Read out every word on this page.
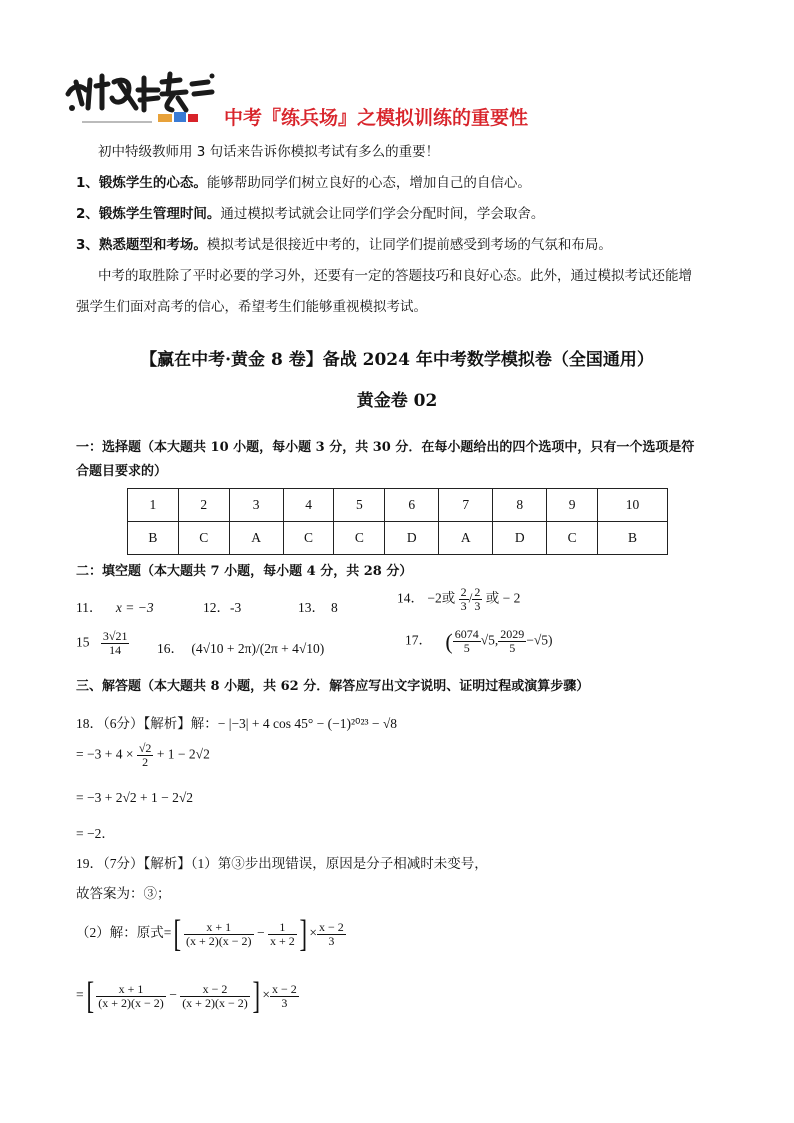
中考『练兵场』之模拟训练的重要性
初中特级教师用 3 句话来告诉你模拟考试有多么的重要！
1、锻炼学生的心态。能够帮助同学们树立良好的心态，增加自己的自信心。
2、锻炼学生管理时间。通过模拟考试就会让同学们学会分配时间，学会取舍。
3、熟悉题型和考场。模拟考试是很接近中考的，让同学们提前感受到考场的气氛和布局。
中考的取胜除了平时必要的学习外，还要有一定的答题技巧和良好心态。此外，通过模拟考试还能增
强学生们面对高考的信心，希望考生们能够重视模拟考试。
【赢在中考·黄金 8 卷】备战 2024 年中考数学模拟卷（全国通用）
黄金卷 02
一：选择题（本大题共 10 小题，每小题 3 分，共 30 分．在每小题给出的四个选项中，只有一个选项是符
合题目要求的）
1	2	3	4	5	6	7	8	9	10
B	C	A	C	C	D	A	D	C	B
二：填空题（本大题共 7 小题，每小题 4 分，共 28 分）
11． x = −3	12．-3	13． 8
14． −2或 $\frac{2}{3} / \frac{2}{3}$ 或 − 2
$15 \frac{3√21}{14} 16$． (4√10 + 2π)/(2π + 4√10)
17． ( $\frac{6074}{5} √5$, $\frac{2029}{5} -√5$)
三、解答题（本大题共 8 小题，共 62 分．解答应写出文字说明、证明过程或演算步骤）
18．（6分）【解析】解：− |−3| + 4 cos 45° − (−1)²⁰²³ − √8
= $-3 + 4 \times \frac{√2}{2} + 1 - 2√2$
= −3 + 2√2 + 1 − 2√2
= −2．
19．（7分）【解析】（1）第③步出现错误，原因是分子相减时未变号，
故答案为：③；
（2）解：原式=[ $\frac{x + 1}{(x + 2)(x - 2)} - \frac{1}{x + 2}$ ] × $\frac{x - 2}{3}$
=[ $\frac{x + 1}{(x + 2)(x - 2)} - \frac{x - 2}{(x + 2)(x - 2)}$ ] × $\frac{x - 2}{3}$
